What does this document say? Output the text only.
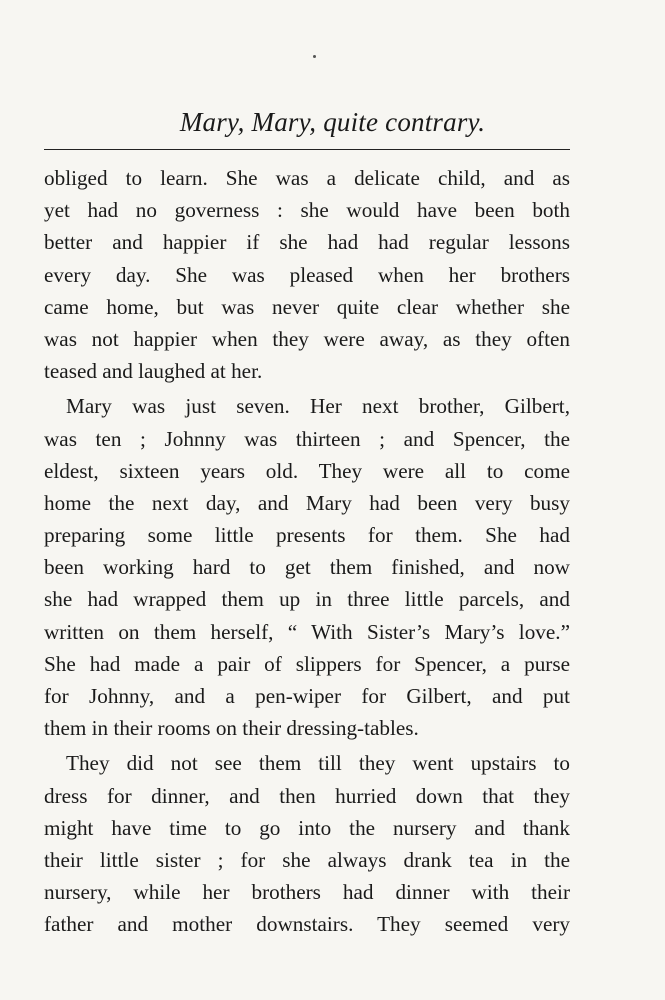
Mary, Mary, quite contrary.
obliged to learn. She was a delicate child, and as
yet had no governess : she would have been both
better and happier if she had had regular lessons
every day. She was pleased when her brothers
came home, but was never quite clear whether she
was not happier when they were away, as they often
teased and laughed at her.
Mary was just seven. Her next brother, Gilbert,
was ten ; Johnny was thirteen ; and Spencer, the
eldest, sixteen years old. They were all to come
home the next day, and Mary had been very busy
preparing some little presents for them. She had
been working hard to get them finished, and now
she had wrapped them up in three little parcels, and
written on them herself, “ With Sister’s Mary’s love.”
She had made a pair of slippers for Spencer, a purse
for Johnny, and a pen-wiper for Gilbert, and put
them in their rooms on their dressing-tables.
They did not see them till they went upstairs to
dress for dinner, and then hurried down that they
might have time to go into the nursery and thank
their little sister ; for she always drank tea in the
nursery, while her brothers had dinner with their
father and mother downstairs. They seemed very
